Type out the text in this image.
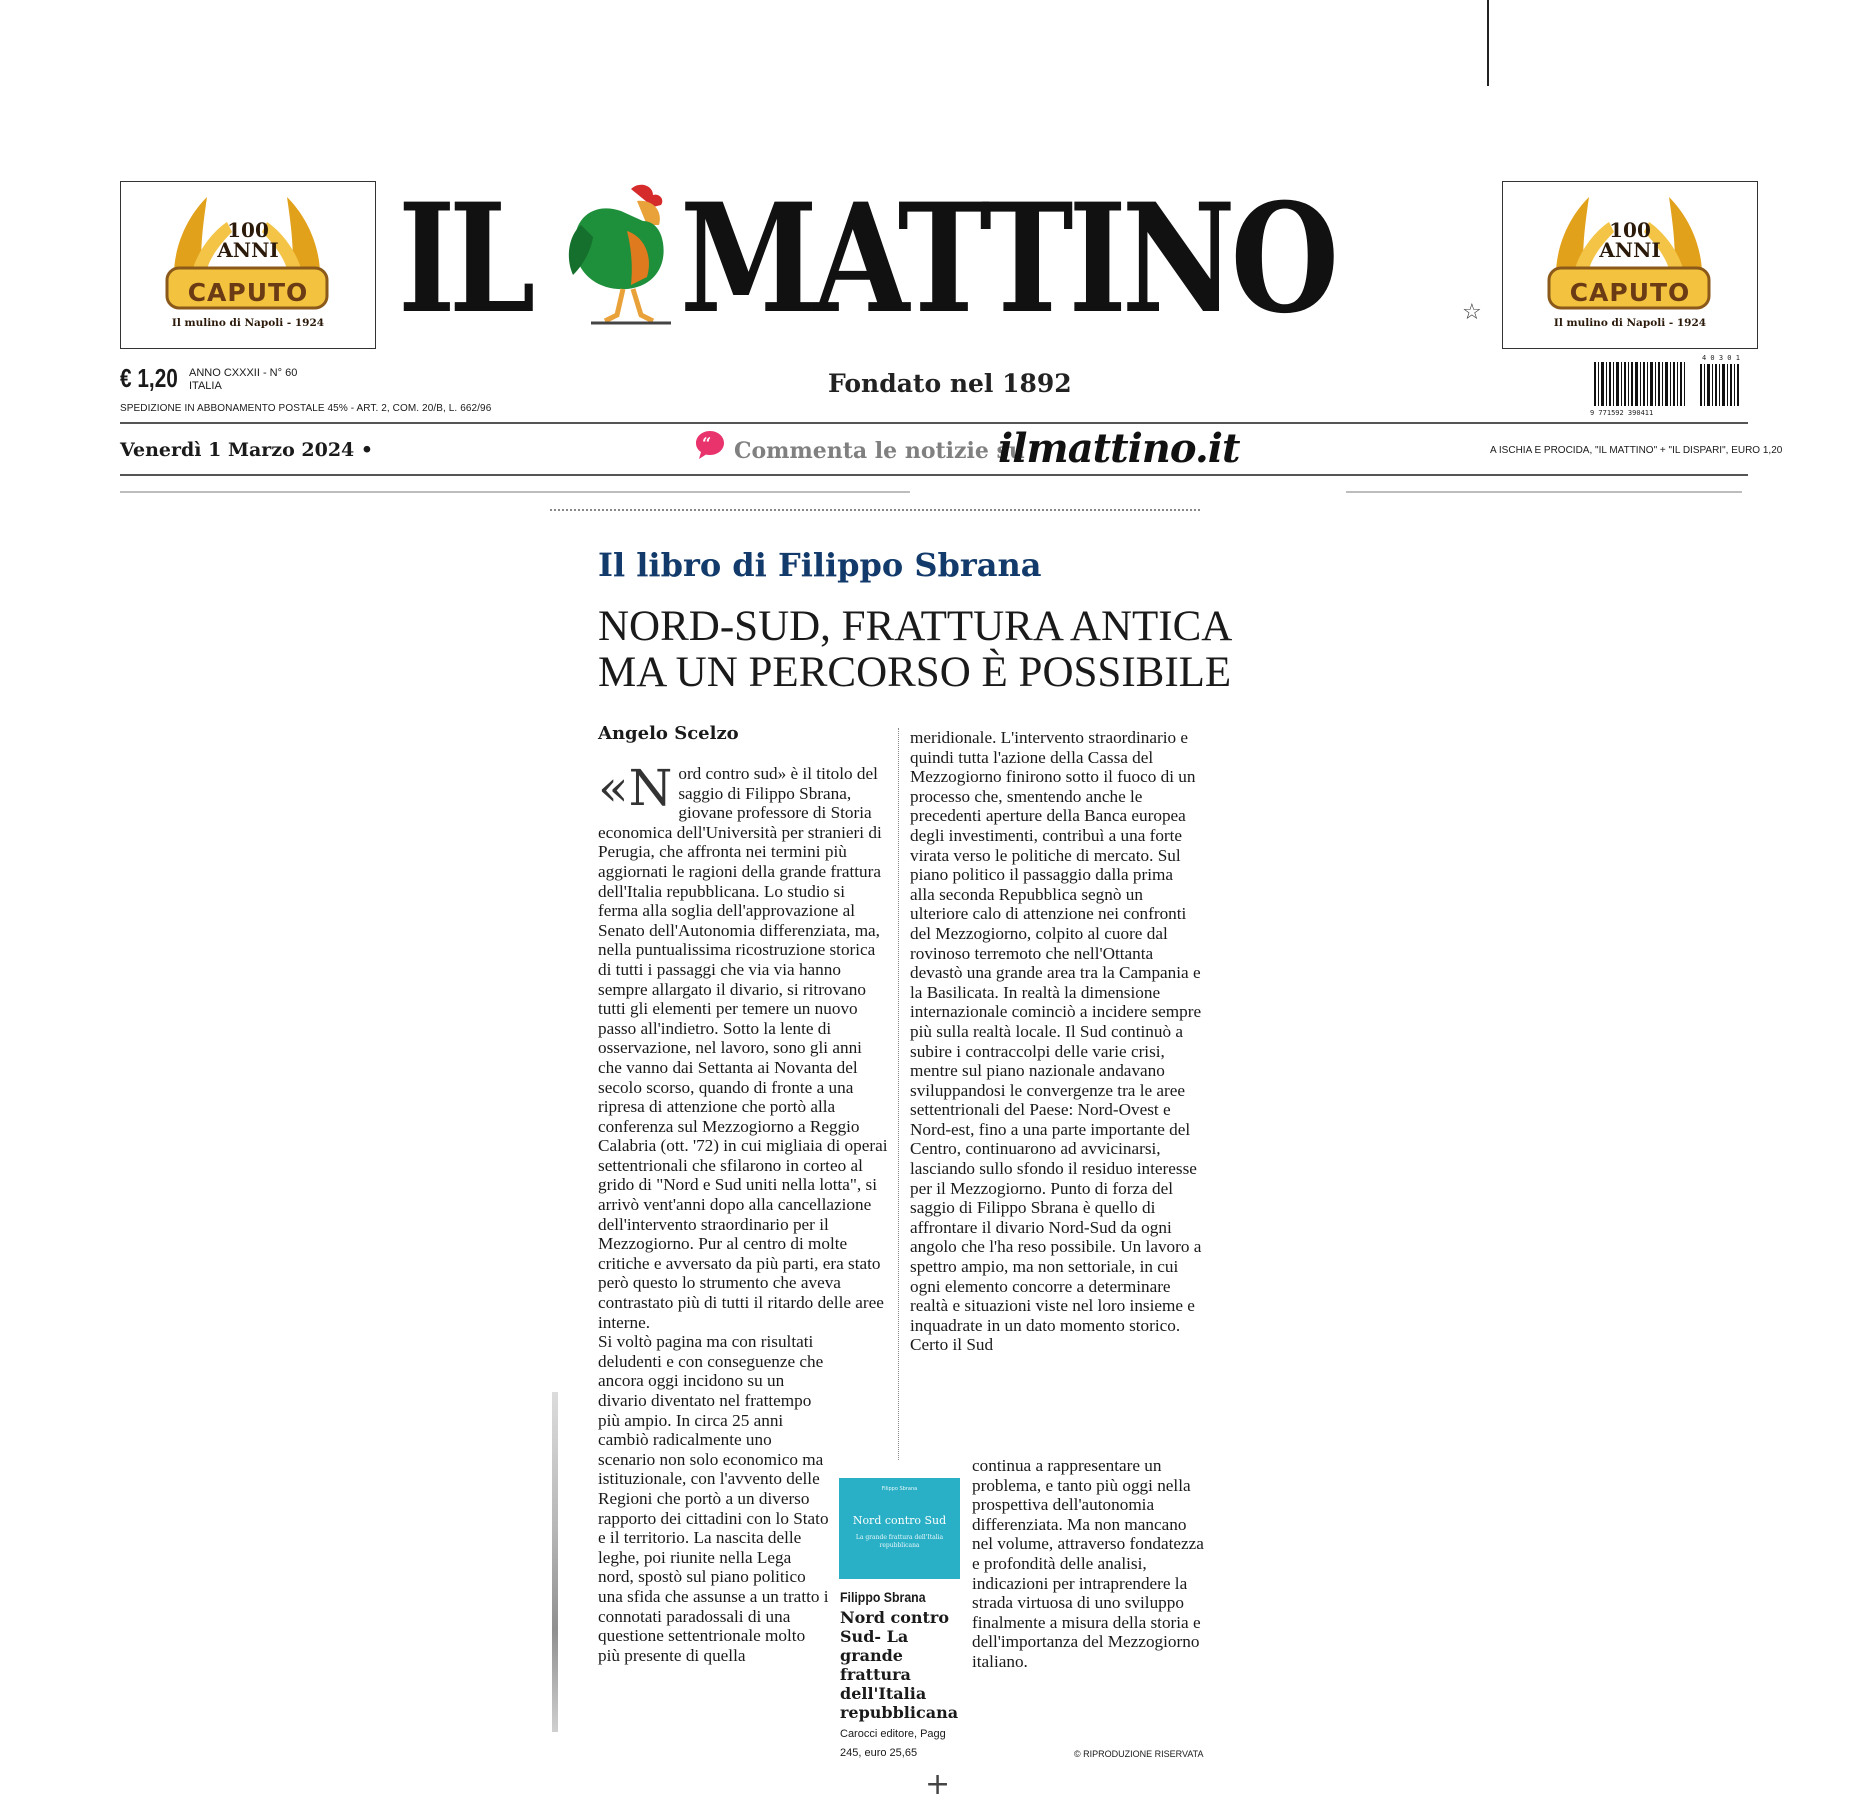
100
ANNI
CAPUTO
Il mulino di Napoli - 1924
100
ANNI
CAPUTO
Il mulino di Napoli - 1924
IL MATTINO	☆
€ 1,20 ANNO CXXXII - N° 60
ITALIA
SPEDIZIONE IN ABBONAMENTO POSTALE 45% - ART. 2, COM. 20/B, L. 662/96
Fondato nel 1892
4 0 3 0 1
9 771592 390411
Venerdì 1 Marzo 2024 •	“ Commenta le notizie su
ilmattino.it	A ISCHIA E PROCIDA, "IL MATTINO" + "IL DISPARI", EURO 1,20
Il libro di Filippo Sbrana
NORD-SUD, FRATTURA ANTICA
MA UN PERCORSO È POSSIBILE
Angelo Scelzo
«N ord contro sud» è il titolo del saggio di Filippo Sbrana, giovane professore di Storia economica dell'Università per stranieri di Perugia, che affronta nei termini più aggiornati le ragioni della grande frattura dell'Italia repubblicana. Lo studio si ferma alla soglia dell'approvazione al Senato dell'Autonomia differenziata, ma, nella puntualissima ricostruzione storica di tutti i passaggi che via via hanno sempre allargato il divario, si ritrovano tutti gli elementi per temere un nuovo passo all'indietro. Sotto la lente di osservazione, nel lavoro, sono gli anni che vanno dai Settanta ai Novanta del secolo scorso, quando di fronte a una ripresa di attenzione che portò alla conferenza sul Mezzogiorno a Reggio Calabria (ott. '72) in cui migliaia di operai settentrionali che sfilarono in corteo al grido di "Nord e Sud uniti nella lotta", si arrivò vent'anni dopo alla cancellazione dell'intervento straordinario per il Mezzogiorno. Pur al centro di molte critiche e avversato da più parti, era stato però questo lo strumento che aveva contrastato più di tutti il ritardo delle aree interne.

Si voltò pagina ma con risultati deludenti e con conseguenze che ancora oggi incidono su un divario diventato nel frattempo più ampio. In circa 25 anni cambiò radicalmente uno scenario non solo economico ma istituzionale, con l'avvento delle Regioni che portò a un diverso rapporto dei cittadini con lo Stato e il territorio. La nascita delle leghe, poi riunite nella Lega nord, spostò sul piano politico una sfida che assunse a un tratto i connotati paradossali di una questione settentrionale molto più presente di quella

meridionale. L'intervento straordinario e quindi tutta l'azione della Cassa del Mezzogiorno finirono sotto il fuoco di un processo che, smentendo anche le precedenti aperture della Banca europea degli investimenti, contribuì a una forte virata verso le politiche di mercato. Sul piano politico il passaggio dalla prima alla seconda Repubblica segnò un ulteriore calo di attenzione nei confronti del Mezzogiorno, colpito al cuore dal rovinoso terremoto che nell'Ottanta devastò una grande area tra la Campania e la Basilicata. In realtà la dimensione internazionale cominciò a incidere sempre più sulla realtà locale. Il Sud continuò a subire i contraccolpi delle varie crisi, mentre sul piano nazionale andavano sviluppandosi le convergenze tra le aree settentrionali del Paese: Nord-Ovest e Nord-est, fino a una parte importante del Centro, continuarono ad avvicinarsi, lasciando sullo sfondo il residuo interesse per il Mezzogiorno. Punto di forza del saggio di Filippo Sbrana è quello di affrontare il divario Nord-Sud da ogni angolo che l'ha reso possibile. Un lavoro a spettro ampio, ma non settoriale, in cui ogni elemento concorre a determinare realtà e situazioni viste nel loro insieme e inquadrate in un dato momento storico. Certo il Sud

continua a rappresentare un problema, e tanto più oggi nella prospettiva dell'autonomia differenziata. Ma non mancano nel volume, attraverso fondatezza e profondità delle analisi, indicazioni per intraprendere la strada virtuosa di uno sviluppo finalmente a misura della storia e dell'importanza del Mezzogiorno italiano.

Filippo Sbrana
Nord contro Sud
La grande frattura dell'Italia repubblicana
Filippo Sbrana
Nord contro Sud- La grande frattura dell'Italia repubblicana
Carocci editore, Pagg 245, euro 25,65	© RIPRODUZIONE RISERVATA
+
